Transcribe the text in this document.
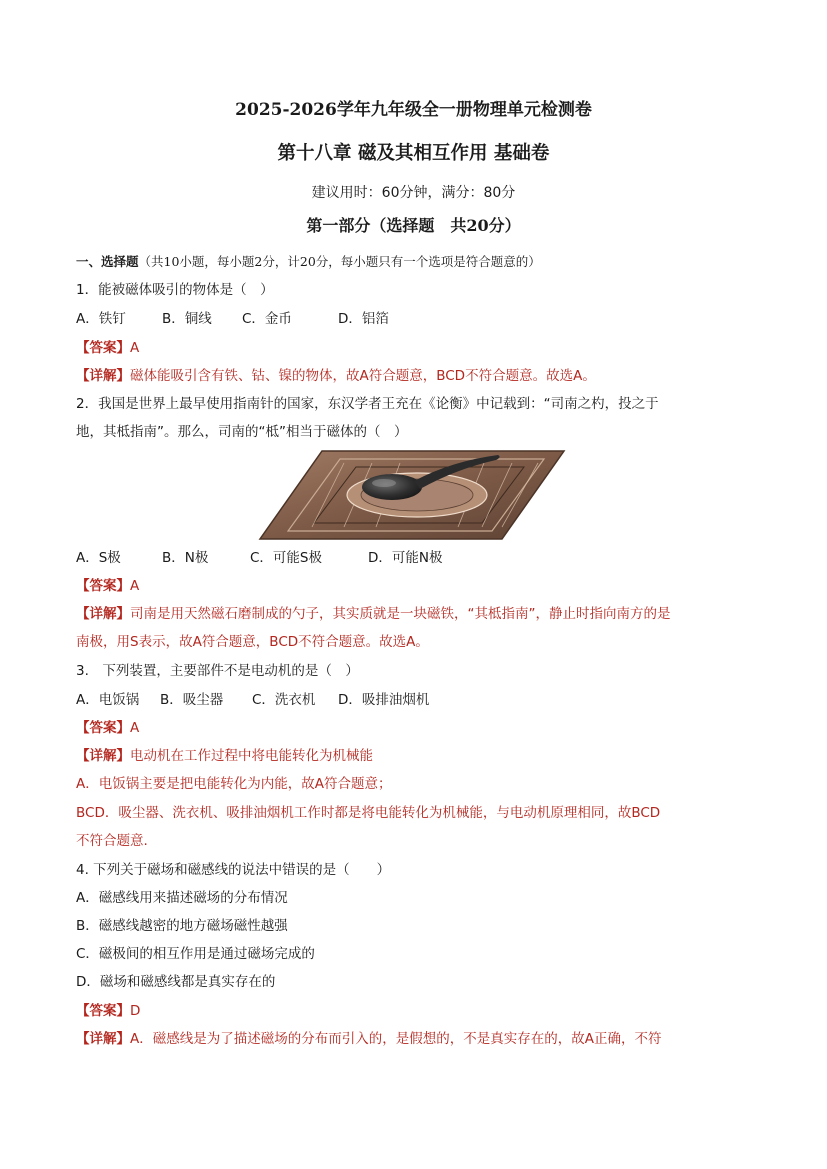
2025-2026学年九年级全一册物理单元检测卷
第十八章 磁及其相互作用 基础卷
建议用时：60分钟，满分：80分
第一部分（选择题　共20分）
一、选择题（共10小题，每小题2分，计20分，每小题只有一个选项是符合题意的）
1．能被磁体吸引的物体是（　）
A．铁钉	B．铜线 C．金币	D．铝箔
【答案】A
【详解】磁体能吸引含有铁、钴、镍的物体，故A符合题意，BCD不符合题意。故选A。
2．我国是世界上最早使用指南针的国家，东汉学者王充在《论衡》中记载到：“司南之杓，投之于
地，其柢指南”。那么，司南的“柢”相当于磁体的（　）
A．S极	B．N极	C．可能S极	D．可能N极
【答案】A
【详解】司南是用天然磁石磨制成的勺子，其实质就是一块磁铁，“其柢指南”，静止时指向南方的是
南极，用S表示，故A符合题意，BCD不符合题意。故选A。
3.　下列装置，主要部件不是电动机的是（　）
A．电饭锅 B．吸尘器 C．洗衣机 D．吸排油烟机
【答案】A
【详解】电动机在工作过程中将电能转化为机械能
A．电饭锅主要是把电能转化为内能，故A符合题意；
BCD．吸尘器、洗衣机、吸排油烟机工作时都是将电能转化为机械能，与电动机原理相同，故BCD
不符合题意.
4. 下列关于磁场和磁感线的说法中错误的是（　　）
A．磁感线用来描述磁场的分布情况
B．磁感线越密的地方磁场磁性越强
C．磁极间的相互作用是通过磁场完成的
D．磁场和磁感线都是真实存在的
【答案】D
【详解】A．磁感线是为了描述磁场的分布而引入的，是假想的，不是真实存在的，故A正确，不符
